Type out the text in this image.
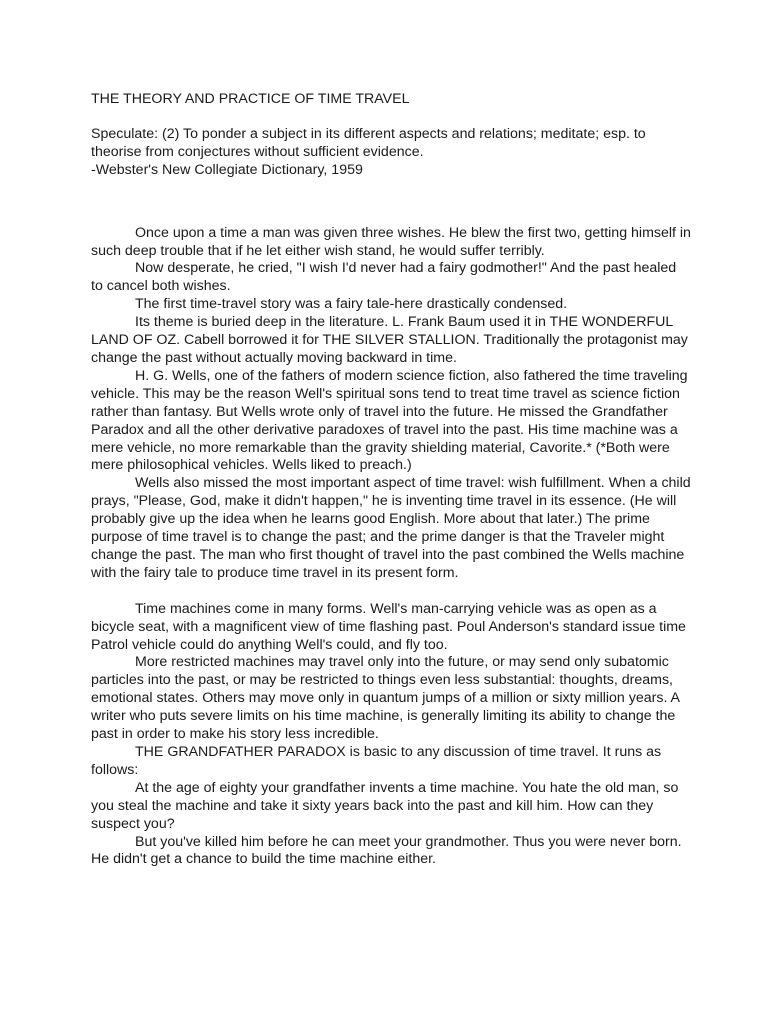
THE THEORY AND PRACTICE OF TIME TRAVEL
Speculate: (2) To ponder a subject in its different aspects and relations; meditate; esp. to theorise from conjectures without sufficient evidence.
-Webster's New Collegiate Dictionary, 1959

Once upon a time a man was given three wishes. He blew the first two, getting himself in such deep trouble that if he let either wish stand, he would suffer terribly.

Now desperate, he cried, "I wish I'd never had a fairy godmother!" And the past healed to cancel both wishes.

The first time-travel story was a fairy tale-here drastically condensed.

Its theme is buried deep in the literature. L. Frank Baum used it in THE WONDERFUL LAND OF OZ. Cabell borrowed it for THE SILVER STALLION. Traditionally the protagonist may change the past without actually moving backward in time.

H. G. Wells, one of the fathers of modern science fiction, also fathered the time traveling vehicle. This may be the reason Well's spiritual sons tend to treat time travel as science fiction rather than fantasy. But Wells wrote only of travel into the future. He missed the Grandfather Paradox and all the other derivative paradoxes of travel into the past. His time machine was a mere vehicle, no more remarkable than the gravity shielding material, Cavorite.* (*Both were mere philosophical vehicles. Wells liked to preach.)

Wells also missed the most important aspect of time travel: wish fulfillment. When a child prays, "Please, God, make it didn't happen," he is inventing time travel in its essence. (He will probably give up the idea when he learns good English. More about that later.) The prime purpose of time travel is to change the past; and the prime danger is that the Traveler might change the past. The man who first thought of travel into the past combined the Wells machine with the fairy tale to produce time travel in its present form.

Time machines come in many forms. Well's man-carrying vehicle was as open as a bicycle seat, with a magnificent view of time flashing past. Poul Anderson's standard issue time Patrol vehicle could do anything Well's could, and fly too.

More restricted machines may travel only into the future, or may send only subatomic particles into the past, or may be restricted to things even less substantial: thoughts, dreams, emotional states. Others may move only in quantum jumps of a million or sixty million years. A writer who puts severe limits on his time machine, is generally limiting its ability to change the past in order to make his story less incredible.

THE GRANDFATHER PARADOX is basic to any discussion of time travel. It runs as follows:

At the age of eighty your grandfather invents a time machine. You hate the old man, so you steal the machine and take it sixty years back into the past and kill him. How can they suspect you?

But you've killed him before he can meet your grandmother. Thus you were never born. He didn't get a chance to build the time machine either.
